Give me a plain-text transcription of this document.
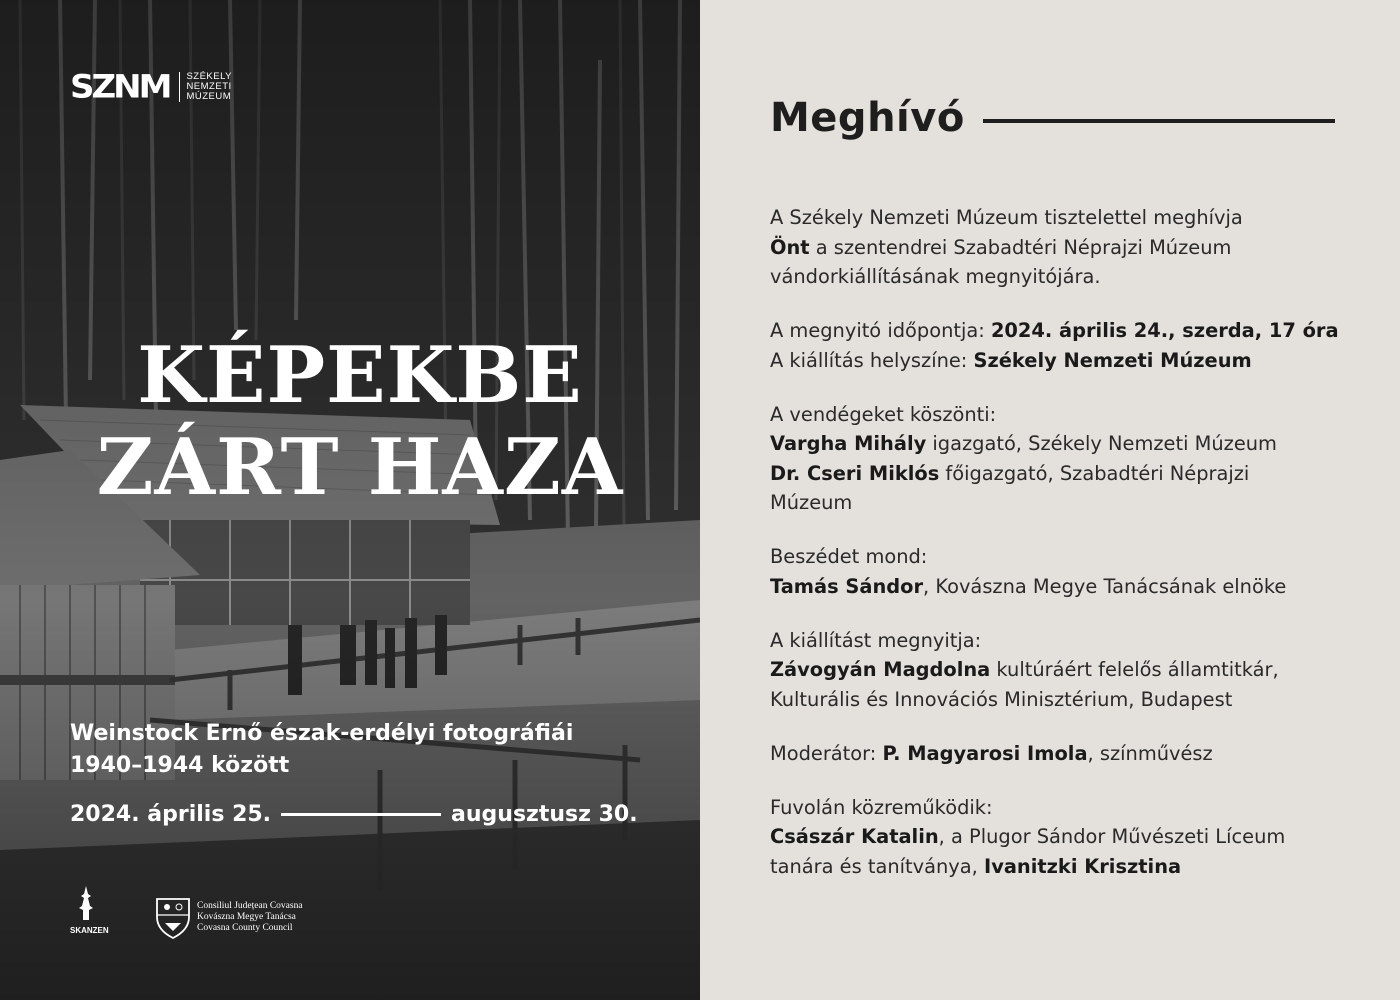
SZNM SZÉKELY
NEMZETI
MÚZEUM
KÉPEKBE
ZÁRT HAZA
Weinstock Ernő észak-erdélyi fotográfiái
1940–1944 között
2024. április 25.	augusztusz 30.
SKANZEN
Consiliul Județean Covasna
Kovászna Megye Tanácsa
Covasna County Council
Meghívó

A Székely Nemzeti Múzeum tisztelettel meghívja
Önt a szentendrei Szabadtéri Néprajzi Múzeum
vándorkiállításának megnyitójára.

A megnyitó időpontja: 2024. április 24., szerda, 17 óra
A kiállítás helyszíne: Székely Nemzeti Múzeum

A vendégeket köszönti:
Vargha Mihály igazgató, Székely Nemzeti Múzeum
Dr. Cseri Miklós főigazgató, Szabadtéri Néprajzi
Múzeum

Beszédet mond:
Tamás Sándor, Kovászna Megye Tanácsának elnöke

A kiállítást megnyitja:
Závogyán Magdolna kultúráért felelős államtitkár,
Kulturális és Innovációs Minisztérium, Budapest

Moderátor: P. Magyarosi Imola, színművész

Fuvolán közreműködik:
Császár Katalin, a Plugor Sándor Művészeti Líceum
tanára és tanítványa, Ivanitzki Krisztina
